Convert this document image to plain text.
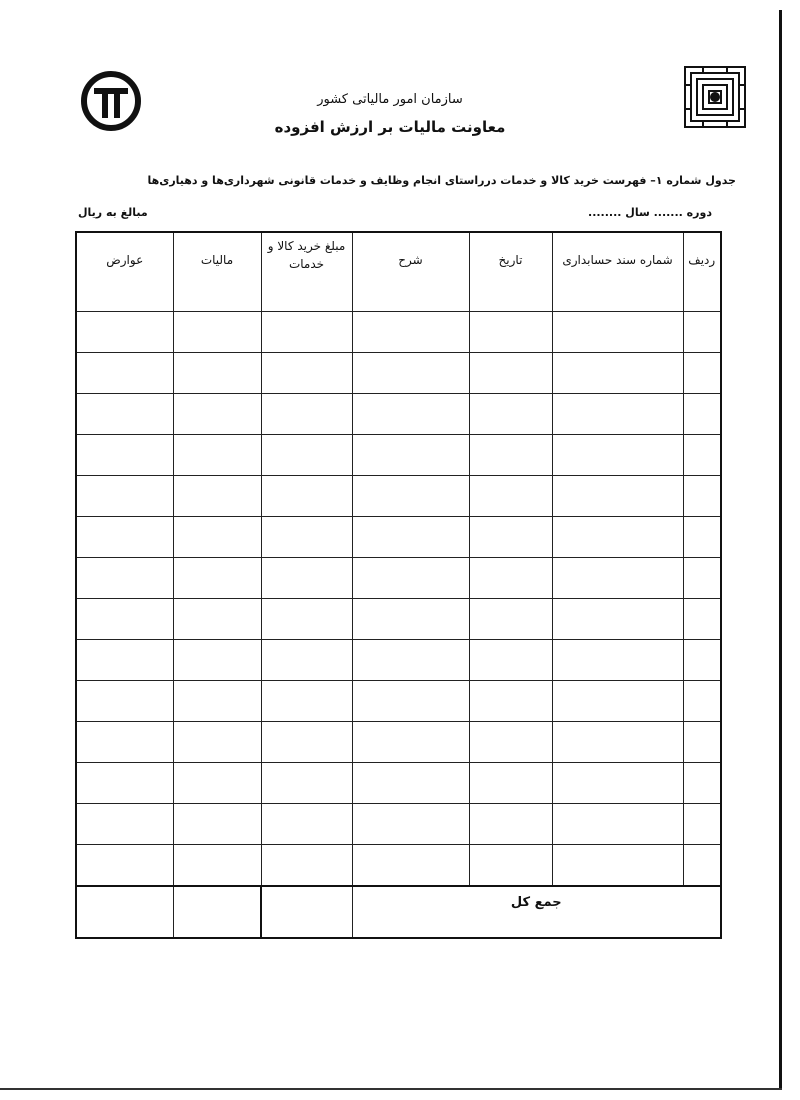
سازمان امور مالیاتی کشور
معاونت مالیات بر ارزش افزوده
جدول شماره ۱– فهرست خرید کالا و خدمات درراستای انجام وظایف و خدمات قانونی شهرداری‌ها و دهیاری‌ها
دوره ....... سال ........
مبالغ به ریال
ردیف	شماره سند حسابداری	تاریخ	شرح	مبلغ خرید کالا و خدمات	مالیات	عوارض

جمع کل						
